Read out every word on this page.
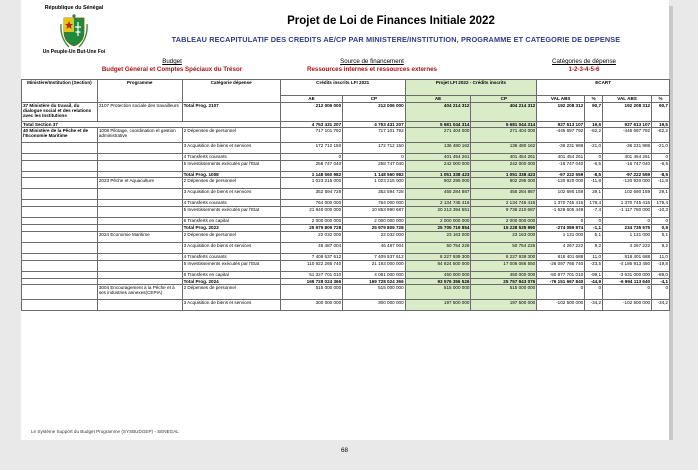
République du Sénégal
Un Peuple-Un But-Une Foi
Projet de Loi de Finances Initiale 2022
TABLEAU RECAPITULATIF DES CREDITS AE/CP PAR MINISTERE/INSTITUTION, PROGRAMME ET CATEGORIE DE DEPENSE
Budget
Budget Général et Comptes Spéciaux du Trésor
Source de financement
Ressources internes et ressources externes
Catégories de dépense
1-2-3-4-5-6
Ministère/Institution (Section)	Programme	Catégorie dépense	Crédits inscrits LFI 2021		Projet LFI 2022 - Crédits inscrits		ECART			
			AE	CP	AE	CP	VAL ABS	%	VAL ABS	%
37 Ministère du travail, du dialogue social et des relations avec les Institutions	2107 Protection sociale des travailleurs	Total Prog. 2107	212 006 000	212 006 000	404 214 312	404 214 312	192 208 312	90,7	192 208 312	90,7
Total Section 37			4 753 431 207	4 753 431 207	5 681 044 314	5 681 044 314	927 613 107	19,5	927 613 107	19,5
40 Ministère de la Pêche et de l'Economie Maritime	1008 Pilotage, coordination et gestion administrative	2 Dépenses de personnel	717 101 792	717 101 792	271 404 000	271 404 000	-445 697 792	-62,2	-445 697 792	-62,2
		3 Acquisition de biens et services	172 712 150	172 712 150	136 480 162	136 480 162	-36 231 988	-21,0	-36 231 988	-21,0
		4 Transferts courants	0	0	401 454 261	401 454 261	401 454 261	0	401 454 261	0
		5 Investissements exécutés par l'Etat	258 747 040	258 747 040	242 000 000	242 000 000	-16 747 040	-6,5	-16 747 040	-6,5
		Total Prog. 1008	1 148 560 982	1 148 560 982	1 051 338 423	1 051 338 423	-97 222 559	-8,5	-97 222 559	-8,5
	2023 Pêche et Aquaculture	2 Dépenses de personnel	1 023 215 000	1 023 215 000	902 295 000	902 295 000	-120 920 000	-11,8	-120 920 000	-11,8
		3 Acquisition de biens et services	352 594 728	352 594 728	455 284 887	455 284 887	102 690 159	29,1	102 690 159	29,1
		4 Transferts courants	764 000 000	764 000 000	2 134 745 416	2 134 745 416	1 370 745 416	179,4	1 370 745 416	179,4
		5 Investissements exécutés par l'Etat	21 840 000 000	10 853 990 687	20 213 394 551	9 736 210 687	-1 626 605 449	-7,4	-1 117 780 000	-10,3
		6 Transferts en capital	2 000 000 000	2 000 000 000	2 000 000 000	2 000 000 000	0	0	0	0
		Total Prog. 2023	25 979 809 728	25 979 809 728	25 705 719 854	15 228 535 990	-274 089 874	-1,1	234 735 575	0,9
	2024 Economie Maritime	2 Dépenses de personnel	22 032 000	22 032 000	23 163 000	23 163 000	1 131 000	5,1	1 131 000	5,1
		3 Acquisition de biens et services	46 487 004	46 487 004	50 754 226	50 754 226	4 267 222	9,2	4 267 222	9,2
		4 Transferts courants	7 409 537 612	7 409 537 612	8 227 939 300	8 227 939 300	818 401 688	11,0	818 401 688	11,0
		5 Investissements exécutés par l'Etat	110 922 266 740	21 193 000 000	84 824 500 000	17 006 086 550	-26 097 766 740	-23,5	-4 186 913 450	-19,8
		6 Transferts en capital	51 327 701 010	4 081 000 000	450 000 000	450 000 000	-50 877 701 010	-99,1	-3 631 000 000	-89,0
		Total Prog. 2024	169 728 024 366	169 728 024 366	93 576 356 526	25 757 943 076	-76 151 667 840	-44,9	-6 994 113 640	-4,1
	3004 Encouragement à la Pêche et à ses industries annexes(CEPIA)	2 Dépenses de personnel	515 000 000	515 000 000	515 000 000	515 000 000	0	0	0	0
		3 Acquisition de biens et services	300 000 000	300 000 000	197 500 000	197 500 000	-102 500 000	-34,2	-102 500 000	-34,2
Le Système Support du Budget Programme (SYSBUDGEP) - SENEGAL
68
